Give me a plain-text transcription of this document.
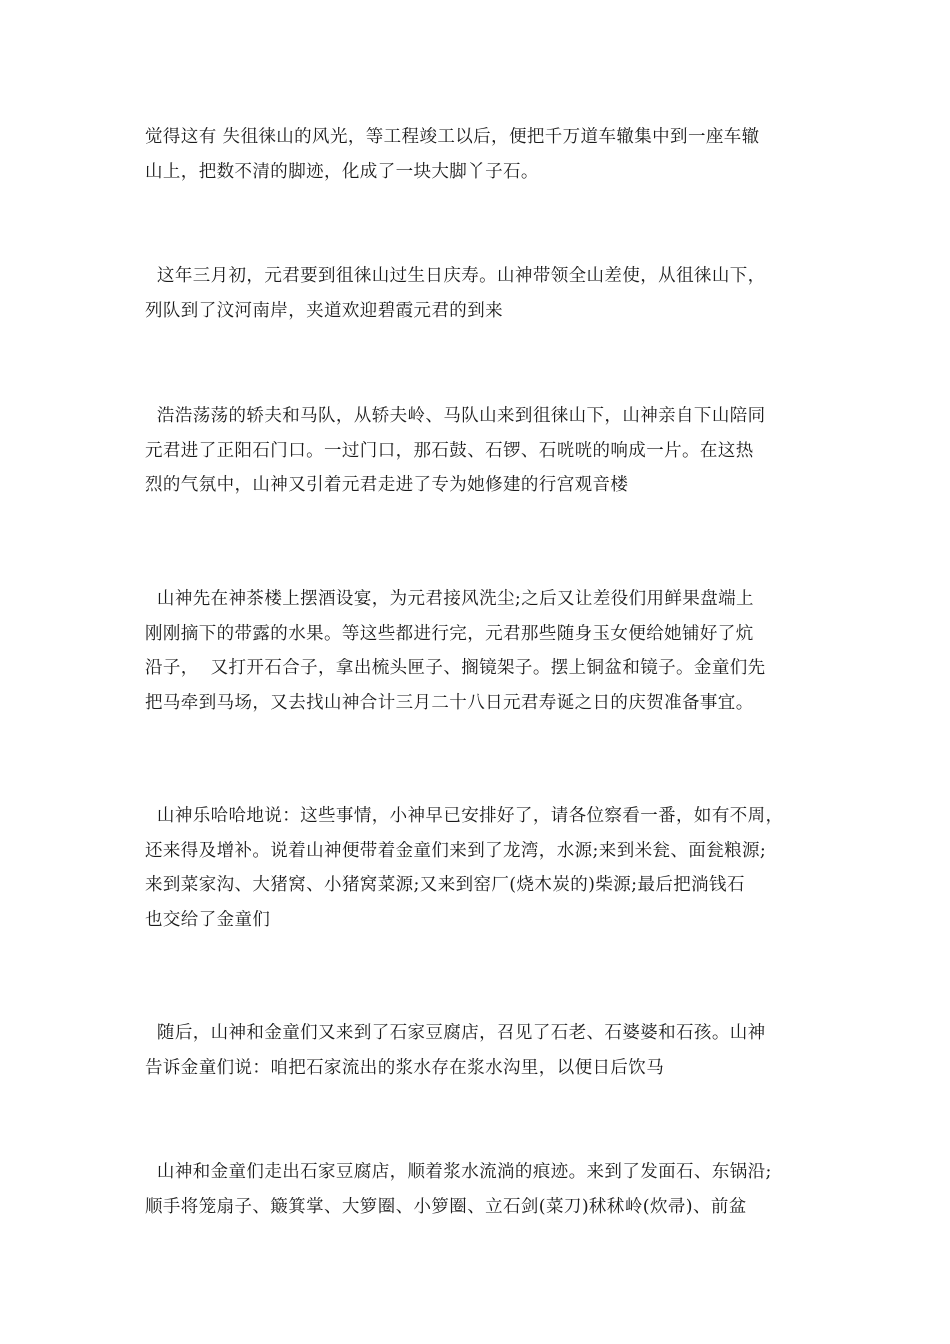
觉得这有 失徂徕山的风光，等工程竣工以后，便把千万道车辙集中到一座车辙
山上，把数不清的脚迹，化成了一块大脚丫子石。
这年三月初，元君要到徂徕山过生日庆寿。山神带领全山差使，从徂徕山下，
列队到了汶河南岸，夹道欢迎碧霞元君的到来
浩浩荡荡的轿夫和马队，从轿夫岭、马队山来到徂徕山下，山神亲自下山陪同
元君进了正阳石门口。一过门口，那石鼓、石锣、石咣咣的响成一片。在这热
烈的气氛中，山神又引着元君走进了专为她修建的行宫观音楼
山神先在神茶楼上摆酒设宴，为元君接风洗尘;之后又让差役们用鲜果盘端上
刚刚摘下的带露的水果。等这些都进行完，元君那些随身玉女便给她铺好了炕
沿子，  又打开石合子，拿出梳头匣子、搁镜架子。摆上铜盆和镜子。金童们先
把马牵到马场，又去找山神合计三月二十八日元君寿诞之日的庆贺准备事宜。
山神乐哈哈地说：这些事情，小神早已安排好了，请各位察看一番，如有不周，
还来得及增补。说着山神便带着金童们来到了龙湾，水源;来到米瓮、面瓮粮源;
来到菜家沟、大猪窝、小猪窝菜源;又来到窑厂(烧木炭的)柴源;最后把淌钱石
也交给了金童们
随后，山神和金童们又来到了石家豆腐店，召见了石老、石婆婆和石孩。山神
告诉金童们说：咱把石家流出的浆水存在浆水沟里，以便日后饮马
山神和金童们走出石家豆腐店，顺着浆水流淌的痕迹。来到了发面石、东锅沿;
顺手将笼扇子、簸箕掌、大箩圈、小箩圈、立石剑(菜刀)秫秫岭(炊帚)、前盆
